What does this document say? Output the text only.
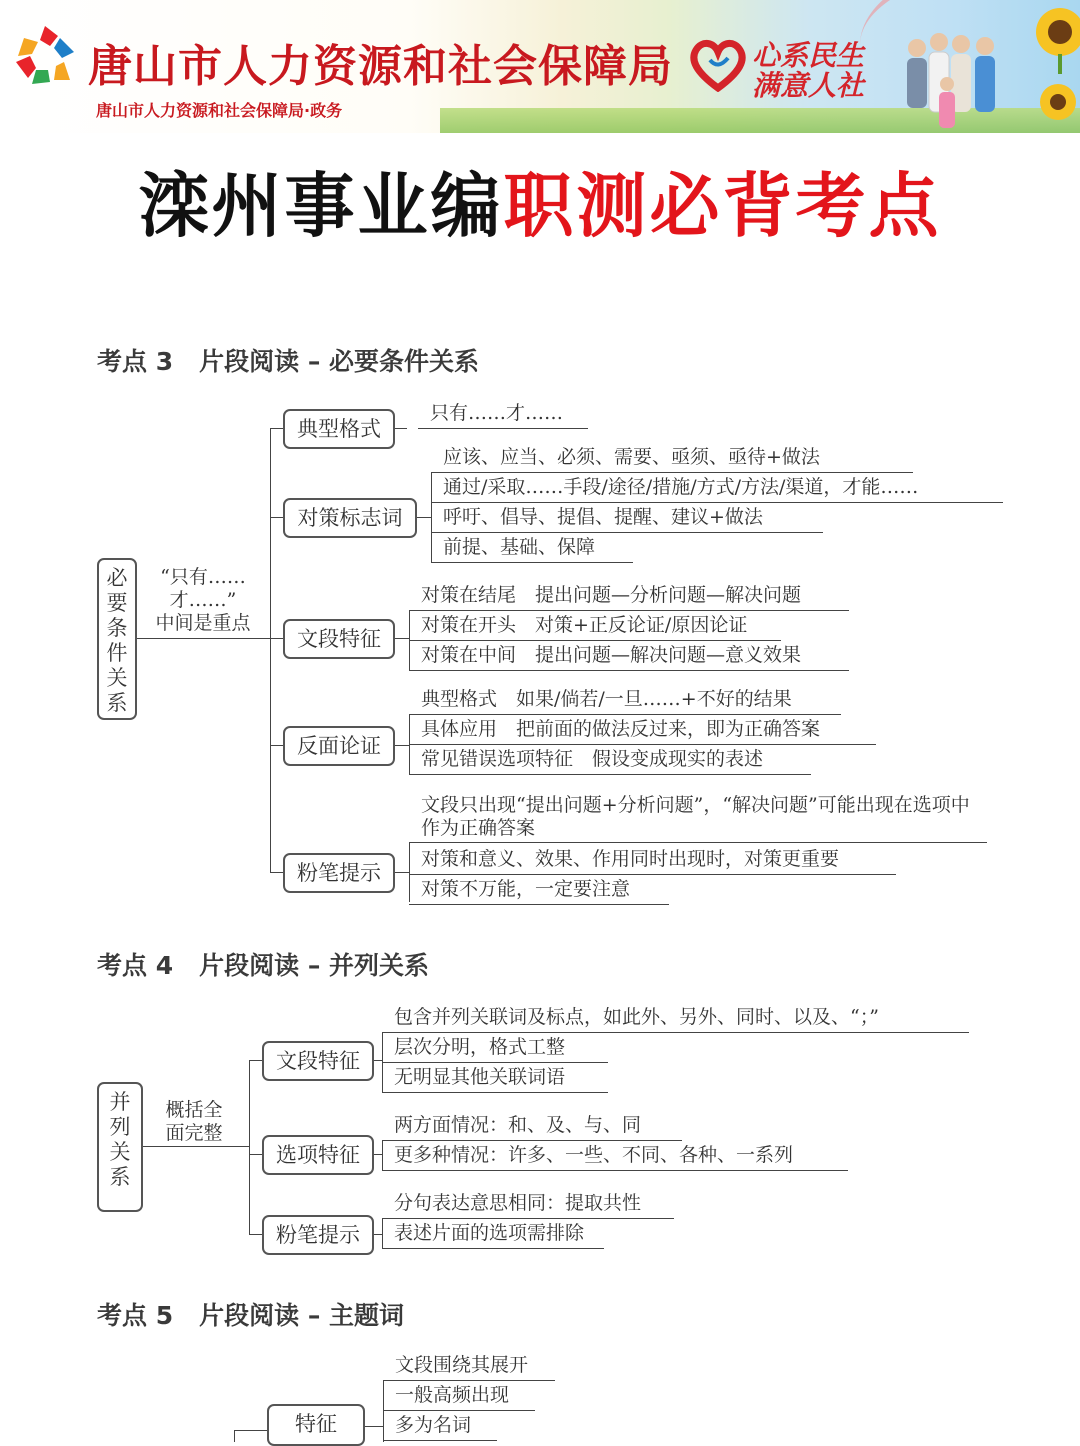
唐山市人力资源和社会保障局
唐山市人力资源和社会保障局·政务
心系民生
满意人社
滦州事业编职测必背考点
考点 3 片段阅读 – 必要条件关系
必
要
条
件
关
系
“只有……
才……”
中间是重点
典型格式
只有……才……
对策标志词
应该、应当、必须、需要、亟须、亟待+做法
通过/采取……手段/途径/措施/方式/方法/渠道，才能……
呼吁、倡导、提倡、提醒、建议+做法
前提、基础、保障
文段特征
对策在结尾　提出问题—分析问题—解决问题
对策在开头　对策+正反论证/原因论证
对策在中间　提出问题—解决问题—意义效果
反面论证
典型格式　如果/倘若/一旦……+不好的结果
具体应用　把前面的做法反过来，即为正确答案
常见错误选项特征　假设变成现实的表述
粉笔提示
文段只出现“提出问题+分析问题”，“解决问题”可能出现在选项中作为正确答案
对策和意义、效果、作用同时出现时，对策更重要
对策不万能，一定要注意
考点 4 片段阅读 – 并列关系
并
列
关
系
概括全
面完整
文段特征
包含并列关联词及标点，如此外、另外、同时、以及、“；”
层次分明，格式工整
无明显其他关联词语
选项特征
两方面情况：和、及、与、同
更多种情况：许多、一些、不同、各种、一系列
粉笔提示
分句表达意思相同：提取共性
表述片面的选项需排除
考点 5 片段阅读 – 主题词
特征
文段围绕其展开
一般高频出现
多为名词
